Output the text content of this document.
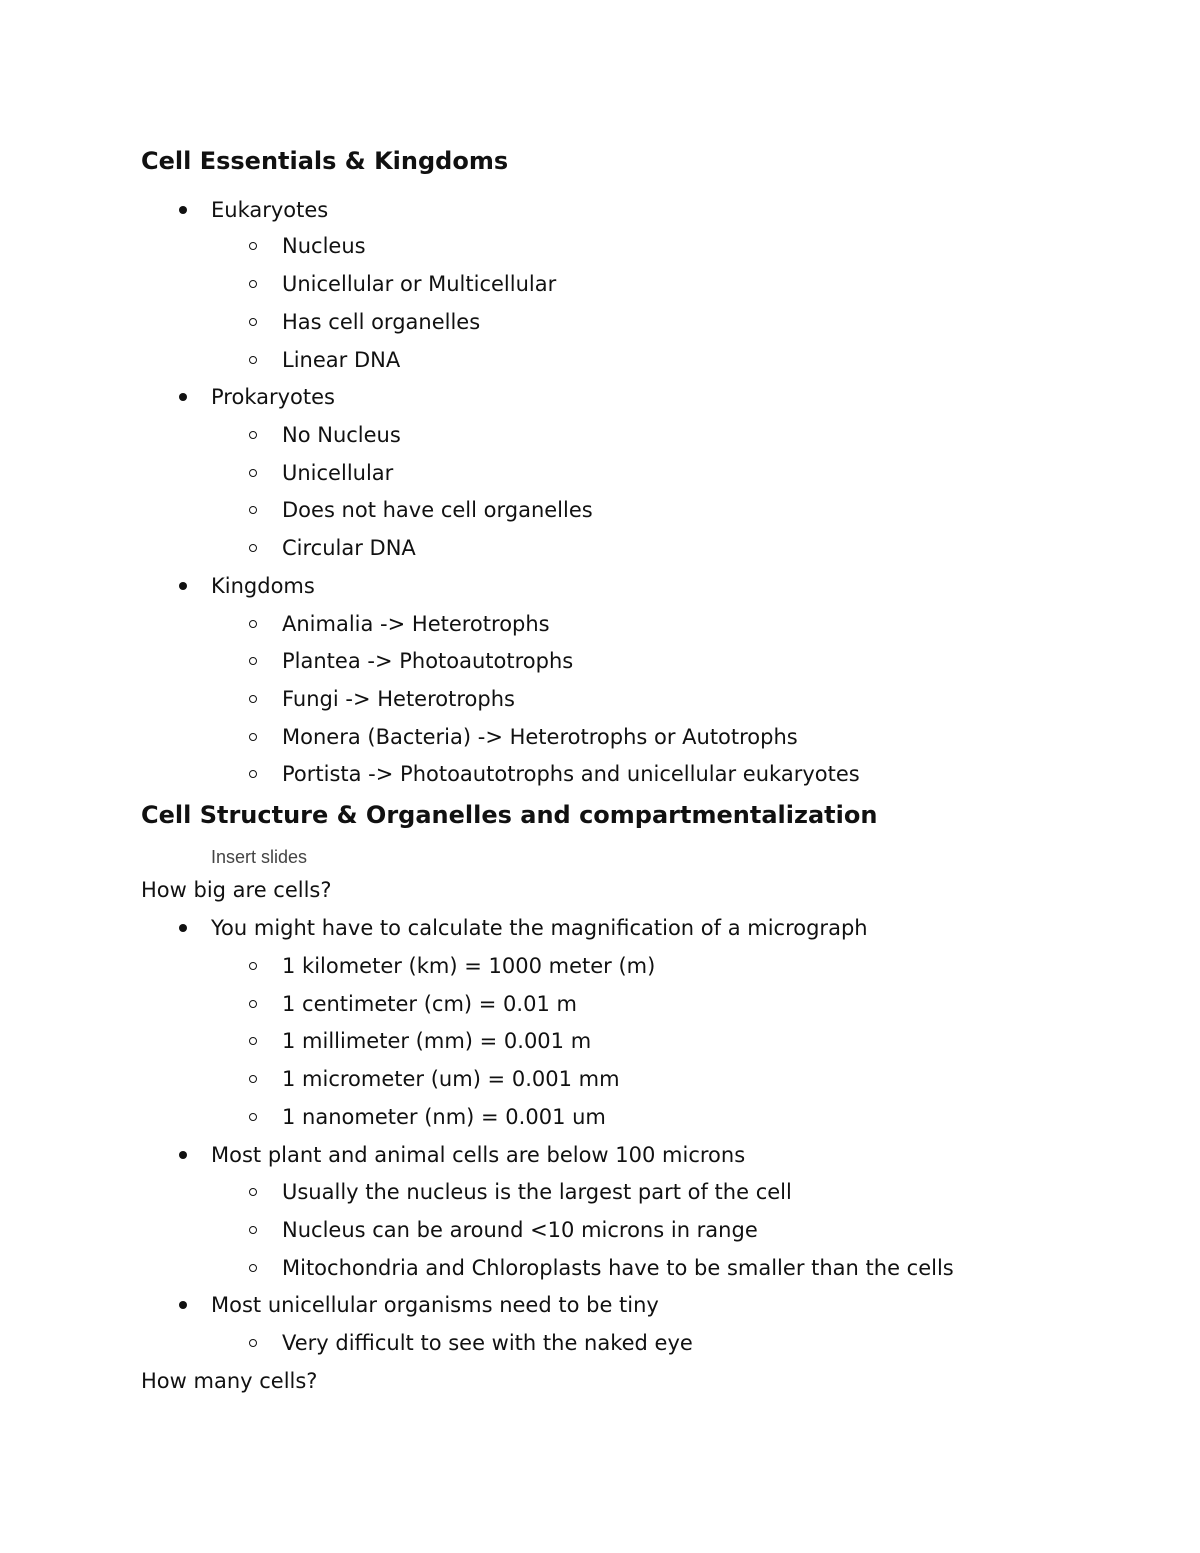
Cell Essentials & Kingdoms
Eukaryotes
Nucleus
Unicellular or Multicellular
Has cell organelles
Linear DNA
Prokaryotes
No Nucleus
Unicellular
Does not have cell organelles
Circular DNA
Kingdoms
Animalia -> Heterotrophs
Plantea -> Photoautotrophs
Fungi -> Heterotrophs
Monera (Bacteria) -> Heterotrophs or Autotrophs
Portista -> Photoautotrophs and unicellular eukaryotes
Cell Structure & Organelles and compartmentalization
Insert slides
How big are cells?
You might have to calculate the magnification of a micrograph
1 kilometer (km) = 1000 meter (m)
1 centimeter (cm) = 0.01 m
1 millimeter (mm) = 0.001 m
1 micrometer (um) = 0.001 mm
1 nanometer (nm) = 0.001 um
Most plant and animal cells are below 100 microns
Usually the nucleus is the largest part of the cell
Nucleus can be around <10 microns in range
Mitochondria and Chloroplasts have to be smaller than the cells
Most unicellular organisms need to be tiny
Very difficult to see with the naked eye
How many cells?
